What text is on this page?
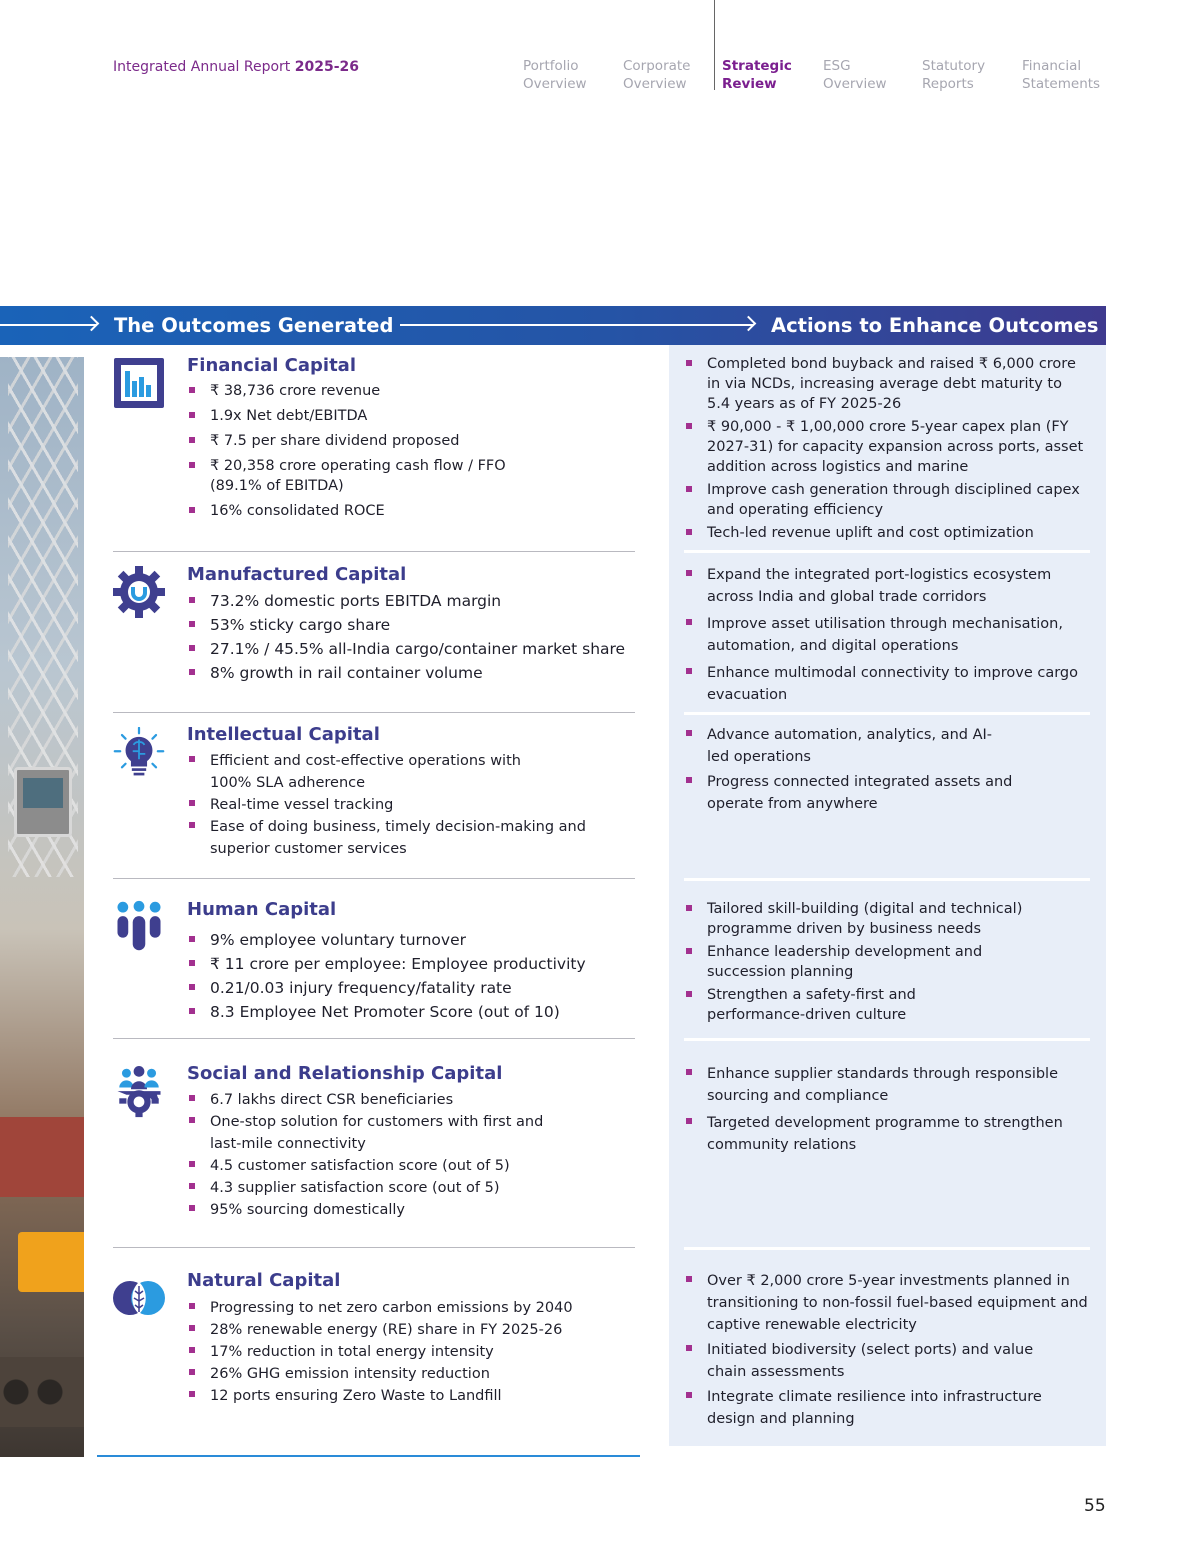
Integrated Annual Report 2025-26	Portfolio
Overview
Corporate
Overview
Strategic
Review
ESG
Overview
Statutory
Reports
Financial
Statements
The Outcomes Generated	Actions to Enhance Outcomes
Financial Capital
₹ 38,736 crore revenue
1.9x Net debt/EBITDA
₹ 7.5 per share dividend proposed
₹ 20,358 crore operating cash flow / FFO (89.1% of EBITDA)
16% consolidated ROCE
Completed bond buyback and raised ₹ 6,000 crore in via NCDs, increasing average debt maturity to 5.4 years as of FY 2025-26
₹ 90,000 - ₹ 1,00,000 crore 5-year capex plan (FY 2027-31) for capacity expansion across ports, asset addition across logistics and marine
Improve cash generation through disciplined capex and operating efficiency
Tech-led revenue uplift and cost optimization
Manufactured Capital
73.2% domestic ports EBITDA margin
53% sticky cargo share
27.1% / 45.5% all-India cargo/container market share
8% growth in rail container volume
Expand the integrated port-logistics ecosystem across India and global trade corridors
Improve asset utilisation through mechanisation, automation, and digital operations
Enhance multimodal connectivity to improve cargo evacuation
Intellectual Capital
Efficient and cost-effective operations with 100% SLA adherence
Real-time vessel tracking
Ease of doing business, timely decision-making and superior customer services
Advance automation, analytics, and AI-led operations
Progress connected integrated assets and operate from anywhere
Human Capital
9% employee voluntary turnover
₹ 11 crore per employee: Employee productivity
0.21/0.03 injury frequency/fatality rate
8.3 Employee Net Promoter Score (out of 10)
Tailored skill-building (digital and technical) programme driven by business needs
Enhance leadership development and succession planning
Strengthen a safety-first and performance-driven culture
Social and Relationship Capital
6.7 lakhs direct CSR beneficiaries
One-stop solution for customers with first and last-mile connectivity
4.5 customer satisfaction score (out of 5)
4.3 supplier satisfaction score (out of 5)
95% sourcing domestically
Enhance supplier standards through responsible sourcing and compliance
Targeted development programme to strengthen community relations
Natural Capital
Progressing to net zero carbon emissions by 2040
28% renewable energy (RE) share in FY 2025-26
17% reduction in total energy intensity
26% GHG emission intensity reduction
12 ports ensuring Zero Waste to Landfill
Over ₹ 2,000 crore 5-year investments planned in transitioning to non-fossil fuel-based equipment and captive renewable electricity
Initiated biodiversity (select ports) and value chain assessments
Integrate climate resilience into infrastructure design and planning
55
